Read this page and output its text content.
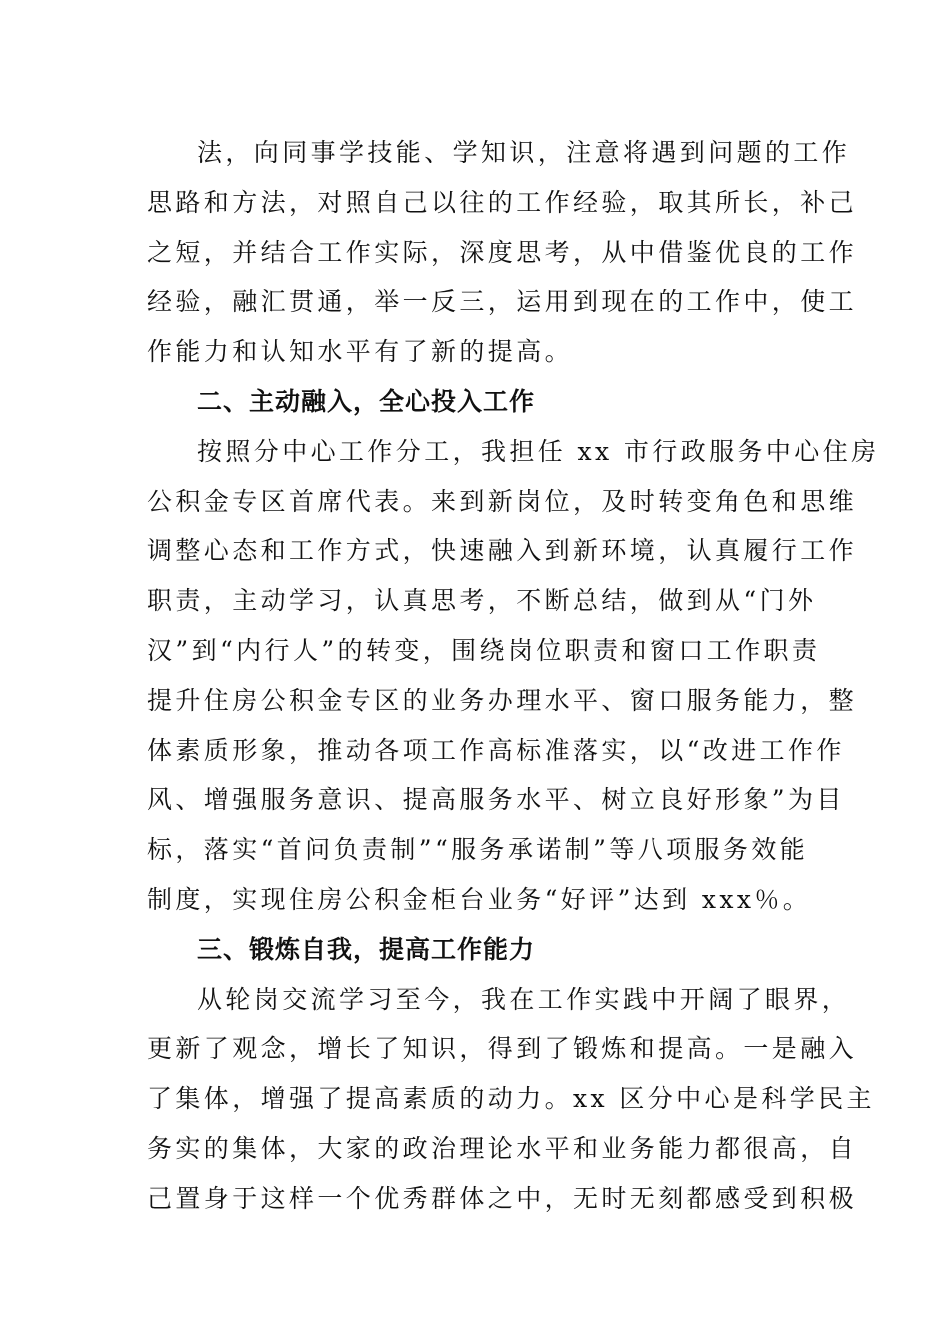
法，向同事学技能、学知识，注意将遇到问题的工作
思路和方法，对照自己以往的工作经验，取其所长，补己
之短，并结合工作实际，深度思考，从中借鉴优良的工作
经验，融汇贯通，举一反三，运用到现在的工作中，使工
作能力和认知水平有了新的提高。
二、主动融入，全心投入工作
按照分中心工作分工，我担任 xx 市行政服务中心住房
公积金专区首席代表。来到新岗位，及时转变角色和思维
调整心态和工作方式，快速融入到新环境，认真履行工作
职责，主动学习，认真思考，不断总结，做到从“门外
汉”到“内行人”的转变，围绕岗位职责和窗口工作职责
提升住房公积金专区的业务办理水平、窗口服务能力，整
体素质形象，推动各项工作高标准落实，以“改进工作作
风、增强服务意识、提高服务水平、树立良好形象”为目
标，落实“首问负责制”“服务承诺制”等八项服务效能
制度，实现住房公积金柜台业务“好评”达到 xxx％。
三、锻炼自我，提高工作能力
从轮岗交流学习至今，我在工作实践中开阔了眼界，
更新了观念，增长了知识，得到了锻炼和提高。一是融入
了集体，增强了提高素质的动力。xx 区分中心是科学民主
务实的集体，大家的政治理论水平和业务能力都很高，自
己置身于这样一个优秀群体之中，无时无刻都感受到积极
